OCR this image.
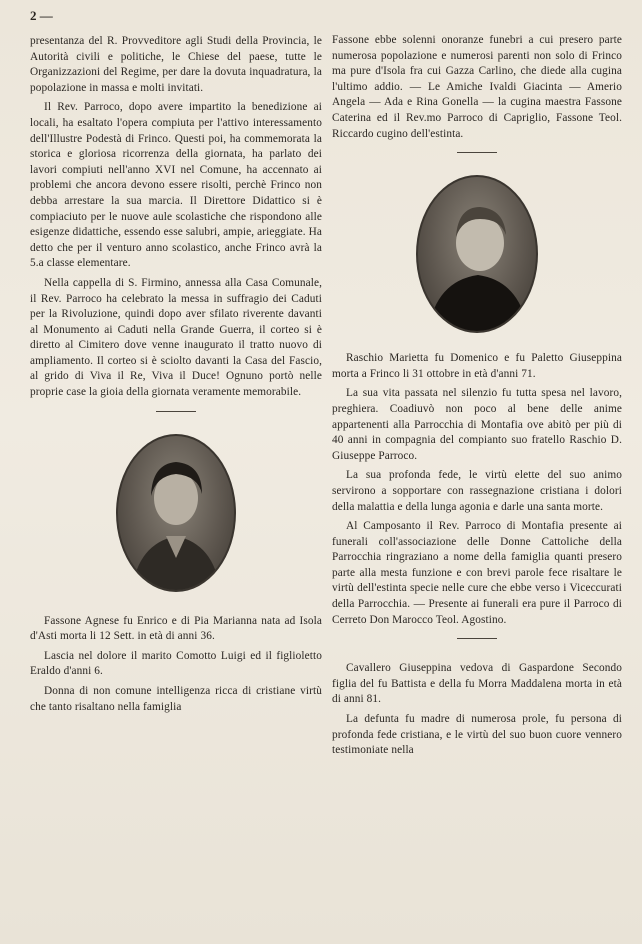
2 —

presentanza del R. Provveditore agli Studi della Provincia, le Autorità civili e politiche, le Chiese del paese, tutte le Organizzazioni del Regime, per dare la dovuta inquadratura, la popolazione in massa e molti invitati.

Il Rev. Parroco, dopo avere impartito la benedizione ai locali, ha esaltato l'opera compiuta per l'attivo interessamento dell'Illustre Podestà di Frinco. Questi poi, ha commemorata la storica e gloriosa ricorrenza della giornata, ha parlato dei lavori compiuti nell'anno XVI nel Comune, ha accennato ai problemi che ancora devono essere risolti, perchè Frinco non debba arrestare la sua marcia. Il Direttore Didattico si è compiaciuto per le nuove aule scolastiche che rispondono alle esigenze didattiche, essendo esse salubri, ampie, arieggiate. Ha detto che per il venturo anno scolastico, anche Frinco avrà la 5.a classe elementare.

Nella cappella di S. Firmino, annessa alla Casa Comunale, il Rev. Parroco ha celebrato la messa in suffragio dei Caduti per la Rivoluzione, quindi dopo aver sfilato riverente davanti al Monumento ai Caduti nella Grande Guerra, il corteo si è diretto al Cimitero dove venne inaugurato il tratto nuovo di ampliamento. Il corteo si è sciolto davanti la Casa del Fascio, al grido di Viva il Re, Viva il Duce! Ognuno portò nelle proprie case la gioia della giornata veramente memorabile.

Fassone Agnese fu Enrico e di Pia Marianna nata ad Isola d'Asti morta li 12 Sett. in età di anni 36.

Lascia nel dolore il marito Comotto Luigi ed il figlioletto Eraldo d'anni 6.

Donna di non comune intelligenza ricca di cristiane virtù che tanto risaltano nella famiglia

Fassone ebbe solenni onoranze funebri a cui presero parte numerosa popolazione e numerosi parenti non solo di Frinco ma pure d'Isola fra cui Gazza Carlino, che diede alla cugina l'ultimo addio. — Le Amiche Ivaldi Giacinta — Amerio Angela — Ada e Rina Gonella — la cugina maestra Fassone Caterina ed il Rev.mo Parroco di Capriglio, Fassone Teol. Riccardo cugino dell'estinta.

Raschio Marietta fu Domenico e fu Paletto Giuseppina morta a Frinco li 31 ottobre in età d'anni 71.

La sua vita passata nel silenzio fu tutta spesa nel lavoro, preghiera. Coadiuvò non poco al bene delle anime appartenenti alla Parrocchia di Montafia ove abitò per più di 40 anni in compagnia del compianto suo fratello Raschio D. Giuseppe Parroco.

La sua profonda fede, le virtù elette del suo animo servirono a sopportare con rassegnazione cristiana i dolori della malattia e della lunga agonia e darle una santa morte.

Al Camposanto il Rev. Parroco di Montafia presente ai funerali coll'associazione delle Donne Cattoliche della Parrocchia ringraziano a nome della famiglia quanti presero parte alla mesta funzione e con brevi parole fece risaltare le virtù dell'estinta specie nelle cure che ebbe verso i Viceccurati della Parrocchia. — Presente ai funerali era pure il Parroco di Cerreto Don Marocco Teol. Agostino.

Cavallero Giuseppina vedova di Gaspardone Secondo figlia del fu Battista e della fu Morra Maddalena morta in età di anni 81.

La defunta fu madre di numerosa prole, fu persona di profonda fede cristiana, e le virtù del suo buon cuore vennero testimoniate nella
